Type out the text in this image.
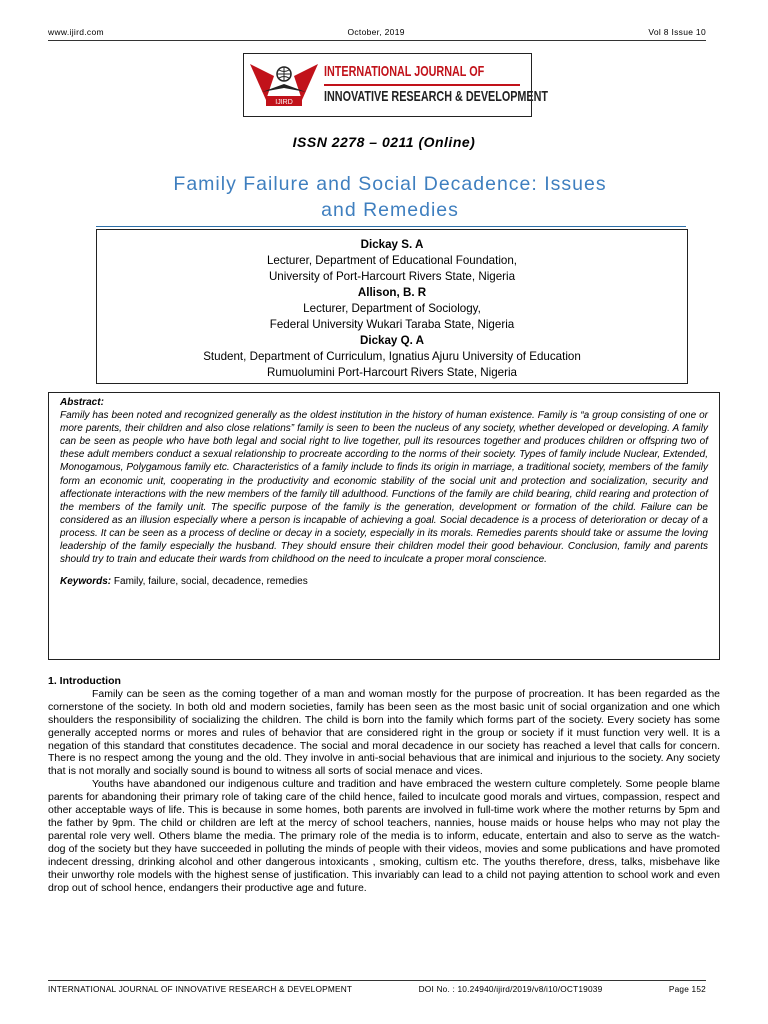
www.ijird.com	October, 2019	Vol 8 Issue 10
IJIRD
INTERNATIONAL JOURNAL OF
INNOVATIVE RESEARCH & DEVELOPMENT
ISSN 2278 – 0211 (Online)
Family Failure and Social Decadence: Issues
and Remedies
Dickay S. A
Lecturer, Department of Educational Foundation,
University of Port-Harcourt Rivers State, Nigeria
Allison, B. R
Lecturer, Department of Sociology,
Federal University Wukari Taraba State, Nigeria
Dickay Q. A
Student, Department of Curriculum, Ignatius Ajuru University of Education
Rumuolumini Port-Harcourt Rivers State, Nigeria
Abstract:
Family has been noted and recognized generally as the oldest institution in the history of human existence. Family is “a group consisting of one or more parents, their children and also close relations” family is seen to been the nucleus of any society, whether developed or developing. A family can be seen as people who have both legal and social right to live together, pull its resources together and produces children or offspring two of these adult members conduct a sexual relationship to procreate according to the norms of their society. Types of family include Nuclear, Extended, Monogamous, Polygamous family etc. Characteristics of a family include to finds its origin in marriage, a traditional society, members of the family form an economic unit, cooperating in the productivity and economic stability of the social unit and protection and socialization, security and affectionate interactions with the new members of the family till adulthood. Functions of the family are child bearing, child rearing and protection of the members of the family unit. The specific purpose of the family is the generation, development or formation of the child. Failure can be considered as an illusion especially where a person is incapable of achieving a goal. Social decadence is a process of deterioration or decay of a process. It can be seen as a process of decline or decay in a society, especially in its morals. Remedies parents should take or assume the loving leadership of the family especially the husband. They should ensure their children model their good behaviour. Conclusion, family and parents should try to train and educate their wards from childhood on the need to inculcate a proper moral conscience.
Keywords: Family, failure, social, decadence, remedies
1. Introduction

Family can be seen as the coming together of a man and woman mostly for the purpose of procreation. It has been regarded as the cornerstone of the society. In both old and modern societies, family has been seen as the most basic unit of social organization and one which shoulders the responsibility of socializing the children. The child is born into the family which forms part of the society. Every society has some generally accepted norms or mores and rules of behavior that are considered right in the group or society if it must function very well. It is a negation of this standard that constitutes decadence. The social and moral decadence in our society has reached a level that calls for concern. There is no respect among the young and the old. They involve in anti-social behavious that are inimical and injurious to the society. Any society that is not morally and socially sound is bound to witness all sorts of social menace and vices.

Youths have abandoned our indigenous culture and tradition and have embraced the western culture completely. Some people blame parents for abandoning their primary role of taking care of the child hence, failed to inculcate good morals and virtues, compassion, respect and other acceptable ways of life. This is because in some homes, both parents are involved in full-time work where the mother returns by 5pm and the father by 9pm. The child or children are left at the mercy of school teachers, nannies, house maids or house helps who may not play the parental role very well. Others blame the media. The primary role of the media is to inform, educate, entertain and also to serve as the watch-dog of the society but they have succeeded in polluting the minds of people with their videos, movies and some publications and have promoted indecent dressing, drinking alcohol and other dangerous intoxicants , smoking, cultism etc. The youths therefore, dress, talks, misbehave like their unworthy role models with the highest sense of justification. This invariably can lead to a child not paying attention to school work and even drop out of school hence, endangers their productive age and future.

INTERNATIONAL JOURNAL OF INNOVATIVE RESEARCH & DEVELOPMENT	DOI No. : 10.24940/ijird/2019/v8/i10/OCT19039	Page 152
